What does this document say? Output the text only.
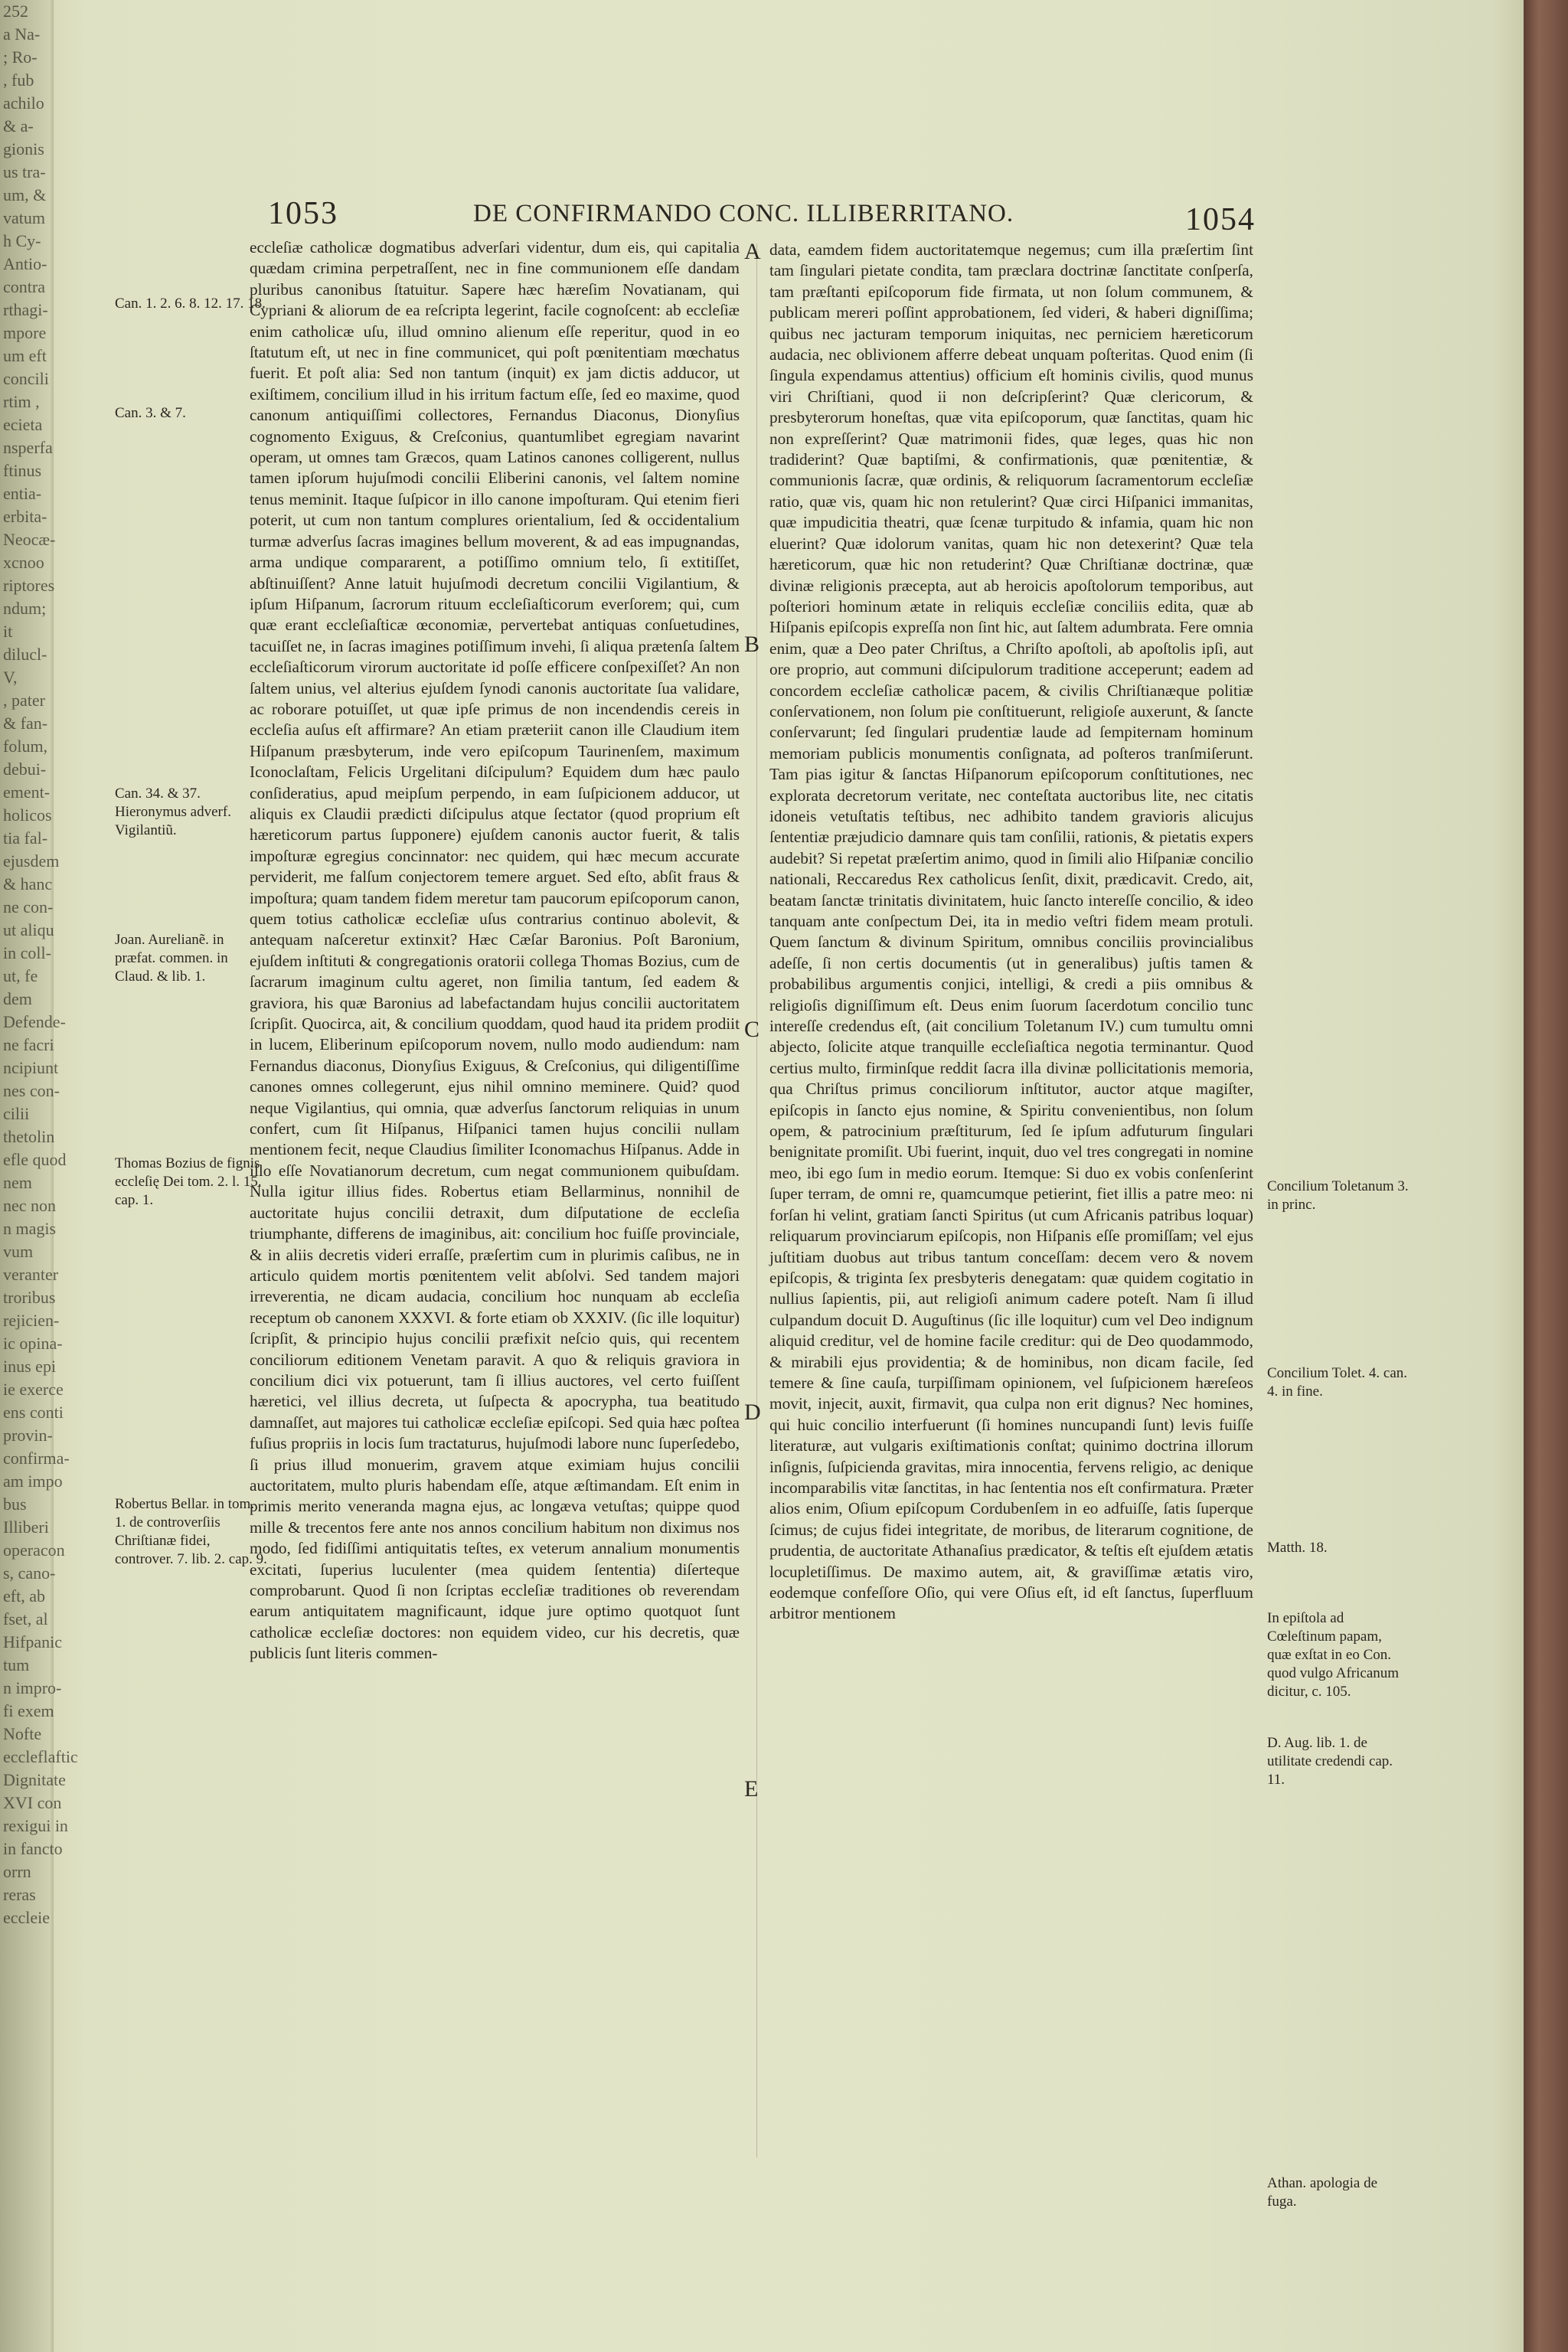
252
a Na-
; Ro-
, fub
achilo
& a-
gionis
us tra-
um, &
vatum
h Cy-
Antio-
contra
rthagi-
mpore
um eft
concili
rtim ,
ecieta
nsperfa
ftinus
entia-
erbita-
Neocæ-
xcnoo
riptores
ndum;
it
dilucl-
V,
, pater
& fan-
folum,
debui-
ement-
holicos
tia fal-
ejusdem
& hanc
ne con-
ut aliqu
in coll-
ut, fe
dem
Defende-
ne facri
ncipiunt
nes con-
cilii
thetolin
efle quod
nem
nec non
n magis
vum
veranter
troribus
rejicien-
ic opina-
inus epi
ie exerce
ens conti
provin-
confirma-
am impo
bus
Illiberi
operacon
s, cano-
eft, ab
fset, al
Hifpanic
tum
n impro-
fi exem
Nofte
eccleflaftic
Dignitate
XVI con
rexigui in
in fancto
orrn
reras
eccleie
1053	DE CONFIRMANDO CONC. ILLIBERRITANO.	1054
Can. 1. 2. 6. 8. 12. 17. 18.
Can. 3. & 7.
Can. 34. & 37. Hieronymus adverf. Vigilantiũ.
Joan. Aurelianẽ. in præfat. commen. in Claud. & lib. 1.
Thomas Bozius de fignis eccleſię Dei tom. 2. l. 15. cap. 1.
Robertus Bellar. in tom. 1. de controverſiis Chriſtianæ fidei, controver. 7. lib. 2. cap. 9.
A
B
C
D
E

eccleſiæ catholicæ dogmatibus adverſari videntur, dum eis, qui capitalia quædam crimina perpetraſſent, nec in fine communionem eſſe dandam pluribus canonibus ſtatuitur. Sapere hæc hæreſim Novatianam, qui Cypriani & aliorum de ea reſcripta legerint, facile cognoſcent: ab eccleſiæ enim catholicæ uſu, illud omnino alienum eſſe reperitur, quod in eo ſtatutum eſt, ut nec in fine communicet, qui poſt pœnitentiam mœchatus fuerit. Et poſt alia: Sed non tantum (inquit) ex jam dictis adducor, ut exiſtimem, concilium illud in his irritum factum eſſe, ſed eo maxime, quod canonum antiquiſſimi collectores, Fernandus Diaconus, Dionyſius cognomento Exiguus, & Creſconius, quantumlibet egregiam navarint operam, ut omnes tam Græcos, quam Latinos canones colligerent, nullus tamen ipſorum hujuſmodi concilii Eliberini canonis, vel ſaltem nomine tenus meminit. Itaque ſuſpicor in illo canone impoſturam. Qui etenim fieri poterit, ut cum non tantum complures orientalium, ſed & occidentalium turmæ adverſus ſacras imagines bellum moverent, & ad eas impugnandas, arma undique compararent, a potiſſimo omnium telo, ſi extitiſſet, abſtinuiſſent? Anne latuit hujuſmodi decretum concilii Vigilantium, & ipſum Hiſpanum, ſacrorum rituum eccleſiaſticorum everſorem; qui, cum quæ erant eccleſiaſticæ œconomiæ, pervertebat antiquas conſuetudines, tacuiſſet ne, in ſacras imagines potiſſimum invehi, ſi aliqua prætenſa ſaltem eccleſiaſticorum virorum auctoritate id poſſe efficere conſpexiſſet? An non ſaltem unius, vel alterius ejuſdem ſynodi canonis auctoritate ſua validare, ac roborare potuiſſet, ut quæ ipſe primus de non incendendis cereis in eccleſia auſus eſt affirmare? An etiam præteriit canon ille Claudium item Hiſpanum præsbyterum, inde vero epiſcopum Taurinenſem, maximum Iconoclaſtam, Felicis Urgelitani diſcipulum? Equidem dum hæc paulo conſideratius, apud meipſum perpendo, in eam ſuſpicionem adducor, ut aliquis ex Claudii prædicti diſcipulus atque ſectator (quod proprium eſt hæreticorum partus ſupponere) ejuſdem canonis auctor fuerit, & talis impoſturæ egregius concinnator: nec quidem, qui hæc mecum accurate perviderit, me falſum conjectorem temere arguet. Sed eſto, abſit fraus & impoſtura; quam tandem fidem meretur tam paucorum epiſcoporum canon, quem totius catholicæ eccleſiæ uſus contrarius continuo abolevit, & antequam naſceretur extinxit? Hæc Cæſar Baronius. Poſt Baronium, ejuſdem inſtituti & congregationis oratorii collega Thomas Bozius, cum de ſacrarum imaginum cultu ageret, non ſimilia tantum, ſed eadem & graviora, his quæ Baronius ad labefactandam hujus concilii auctoritatem ſcripſit. Quocirca, ait, & concilium quoddam, quod haud ita pridem prodiit in lucem, Eliberinum epiſcoporum novem, nullo modo audiendum: nam Fernandus diaconus, Dionyſius Exiguus, & Creſconius, qui diligentiſſime canones omnes collegerunt, ejus nihil omnino meminere. Quid? quod neque Vigilantius, qui omnia, quæ adverſus ſanctorum reliquias in unum confert, cum ſit Hiſpanus, Hiſpanici tamen hujus concilii nullam mentionem fecit, neque Claudius ſimiliter Iconomachus Hiſpanus. Adde in illo eſſe Novatianorum decretum, cum negat communionem quibuſdam. Nulla igitur illius fides. Robertus etiam Bellarminus, nonnihil de auctoritate hujus concilii detraxit, dum diſputatione de eccleſia triumphante, differens de imaginibus, ait: concilium hoc fuiſſe provinciale, & in aliis decretis videri erraſſe, præſertim cum in plurimis caſibus, ne in articulo quidem mortis pœnitentem velit abſolvi. Sed tandem majori irreverentia, ne dicam audacia, concilium hoc nunquam ab eccleſia receptum ob canonem XXXVI. & forte etiam ob XXXIV. (ſic ille loquitur) ſcripſit, & principio hujus concilii præfixit neſcio quis, qui recentem conciliorum editionem Venetam paravit. A quo & reliquis graviora in concilium dici vix potuerunt, tam ſi illius auctores, vel certo fuiſſent hæretici, vel illius decreta, ut ſuſpecta & apocrypha, tua beatitudo damnaſſet, aut majores tui catholicæ eccleſiæ epiſcopi. Sed quia hæc poſtea fuſius propriis in locis ſum tractaturus, hujuſmodi labore nunc ſuperſedebo, ſi prius illud monuerim, gravem atque eximiam hujus concilii auctoritatem, multo pluris habendam eſſe, atque æſtimandam. Eſt enim in primis merito veneranda magna ejus, ac longæva vetuſtas; quippe quod mille & trecentos fere ante nos annos concilium habitum non diximus nos modo, ſed fidiſſimi antiquitatis teſtes, ex veterum annalium monumentis excitati, ſuperius luculenter (mea quidem ſententia) diſerteque comprobarunt. Quod ſi non ſcriptas eccleſiæ traditiones ob reverendam earum antiquitatem magnificaunt, idque jure optimo quotquot ſunt catholicæ eccleſiæ doctores: non equidem video, cur his decretis, quæ publicis ſunt literis commen-

data, eamdem fidem auctoritatemque negemus; cum illa præſertim ſint tam ſingulari pietate condita, tam præclara doctrinæ ſanctitate conſperſa, tam præſtanti epiſcoporum fide firmata, ut non ſolum communem, & publicam mereri poſſint approbationem, ſed videri, & haberi digniſſima; quibus nec jacturam temporum iniquitas, nec perniciem hæreticorum audacia, nec oblivionem afferre debeat unquam poſteritas. Quod enim (ſi ſingula expendamus attentius) officium eſt hominis civilis, quod munus viri Chriſtiani, quod ii non deſcripſerint? Quæ clericorum, & presbyterorum honeſtas, quæ vita epiſcoporum, quæ ſanctitas, quam hic non expreſſerint? Quæ matrimonii fides, quæ leges, quas hic non tradiderint? Quæ baptiſmi, & confirmationis, quæ pœnitentiæ, & communionis ſacræ, quæ ordinis, & reliquorum ſacramentorum eccleſiæ ratio, quæ vis, quam hic non retulerint? Quæ circi Hiſpanici immanitas, quæ impudicitia theatri, quæ ſcenæ turpitudo & infamia, quam hic non eluerint? Quæ idolorum vanitas, quam hic non detexerint? Quæ tela hæreticorum, quæ hic non retuderint? Quæ Chriſtianæ doctrinæ, quæ divinæ religionis præcepta, aut ab heroicis apoſtolorum temporibus, aut poſteriori hominum ætate in reliquis eccleſiæ conciliis edita, quæ ab Hiſpanis epiſcopis expreſſa non ſint hic, aut ſaltem adumbrata. Fere omnia enim, quæ a Deo pater Chriſtus, a Chriſto apoſtoli, ab apoſtolis ipſi, aut ore proprio, aut communi diſcipulorum traditione acceperunt; eadem ad concordem eccleſiæ catholicæ pacem, & civilis Chriſtianæque politiæ conſervationem, non ſolum pie conſtituerunt, religioſe auxerunt, & ſancte conſervarunt; ſed ſingulari prudentiæ laude ad ſempiternam hominum memoriam publicis monumentis conſignata, ad poſteros tranſmiſerunt. Tam pias igitur & ſanctas Hiſpanorum epiſcoporum conſtitutiones, nec explorata decretorum veritate, nec conteſtata auctoribus lite, nec citatis idoneis vetuſtatis teſtibus, nec adhibito tandem gravioris alicujus ſententiæ præjudicio damnare quis tam conſilii, rationis, & pietatis expers audebit? Si repetat præſertim animo, quod in ſimili alio Hiſpaniæ concilio nationali, Reccaredus Rex catholicus ſenſit, dixit, prædicavit. Credo, ait, beatam ſanctæ trinitatis divinitatem, huic ſancto intereſſe concilio, & ideo tanquam ante conſpectum Dei, ita in medio veſtri fidem meam protuli. Quem ſanctum & divinum Spiritum, omnibus conciliis provincialibus adeſſe, ſi non certis documentis (ut in generalibus) juſtis tamen & probabilibus argumentis conjici, intelligi, & credi a piis omnibus & religioſis digniſſimum eſt. Deus enim ſuorum ſacerdotum concilio tunc intereſſe credendus eſt, (ait concilium Toletanum IV.) cum tumultu omni abjecto, ſolicite atque tranquille eccleſiaſtica negotia terminantur. Quod certius multo, firminſque reddit ſacra illa divinæ pollicitationis memoria, qua Chriſtus primus conciliorum inſtitutor, auctor atque magiſter, epiſcopis in ſancto ejus nomine, & Spiritu convenientibus, non ſolum opem, & patrocinium præſtiturum, ſed ſe ipſum adfuturum ſingulari benignitate promiſit. Ubi fuerint, inquit, duo vel tres congregati in nomine meo, ibi ego ſum in medio eorum. Itemque: Si duo ex vobis conſenſerint ſuper terram, de omni re, quamcumque petierint, fiet illis a patre meo: ni forſan hi velint, gratiam ſancti Spiritus (ut cum Africanis patribus loquar) reliquarum provinciarum epiſcopis, non Hiſpanis eſſe promiſſam; vel ejus juſtitiam duobus aut tribus tantum conceſſam: decem vero & novem epiſcopis, & triginta ſex presbyteris denegatam: quæ quidem cogitatio in nullius ſapientis, pii, aut religioſi animum cadere poteſt. Nam ſi illud culpandum docuit D. Auguſtinus (ſic ille loquitur) cum vel Deo indignum aliquid creditur, vel de homine facile creditur: qui de Deo quodammodo, & mirabili ejus providentia; & de hominibus, non dicam facile, ſed temere & ſine cauſa, turpiſſimam opinionem, vel ſuſpicionem hæreſeos movit, injecit, auxit, firmavit, qua culpa non erit dignus? Nec homines, qui huic concilio interfuerunt (ſi homines nuncupandi ſunt) levis fuiſſe literaturæ, aut vulgaris exiſtimationis conſtat; quinimo doctrina illorum inſignis, ſuſpicienda gravitas, mira innocentia, fervens religio, ac denique incomparabilis vitæ ſanctitas, in hac ſententia nos eſt confirmatura. Præter alios enim, Oſium epiſcopum Cordubenſem in eo adfuiſſe, ſatis ſuperque ſcimus; de cujus fidei integritate, de moribus, de literarum cognitione, de prudentia, de auctoritate Athanaſius prædicator, & teſtis eſt ejuſdem ætatis locupletiſſimus. De maximo autem, ait, & graviſſimæ ætatis viro, eodemque confeſſore Oſio, qui vere Oſius eſt, id eſt ſanctus, ſuperfluum arbitror mentionem

Concilium Toletanum 3. in princ.
Concilium Tolet. 4. can. 4. in fine.
Matth. 18.
In epiſtola ad Cœleſtinum papam, quæ exſtat in eo Con. quod vulgo Africanum dicitur, c. 105.
D. Aug. lib. 1. de utilitate credendi cap. 11.
Athan. apologia de fuga.
